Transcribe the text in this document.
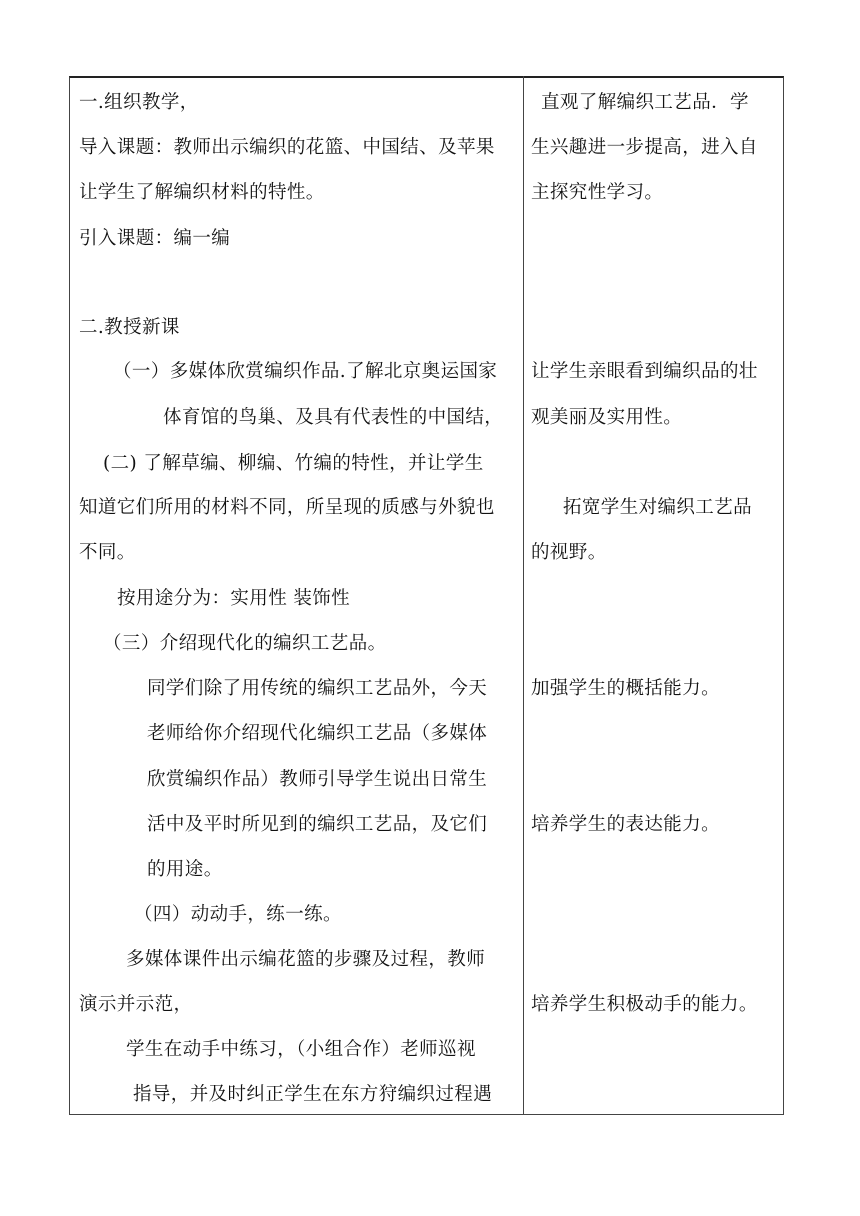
一.组织教学，
导入课题：教师出示编织的花篮、中国结、及苹果
让学生了解编织材料的特性。
引入课题：编一编
二.教授新课
（一）多媒体欣赏编织作品.了解北京奥运国家
体育馆的鸟巢、及具有代表性的中国结，
(二) 了解草编、柳编、竹编的特性，并让学生
知道它们所用的材料不同，所呈现的质感与外貌也
不同。
按用途分为：实用性 装饰性
（三）介绍现代化的编织工艺品。
同学们除了用传统的编织工艺品外，今天
老师给你介绍现代化编织工艺品（多媒体
欣赏编织作品）教师引导学生说出日常生
活中及平时所见到的编织工艺品，及它们
的用途。
（四）动动手，练一练。
多媒体课件出示编花篮的步骤及过程，教师
演示并示范，
学生在动手中练习，（小组合作）老师巡视
指导，并及时纠正学生在东方狩编织过程遇
直观了解编织工艺品．学
生兴趣进一步提高，进入自
主探究性学习。
让学生亲眼看到编织品的壮
观美丽及实用性。
拓宽学生对编织工艺品
的视野。
加强学生的概括能力。
培养学生的表达能力。
培养学生积极动手的能力。
